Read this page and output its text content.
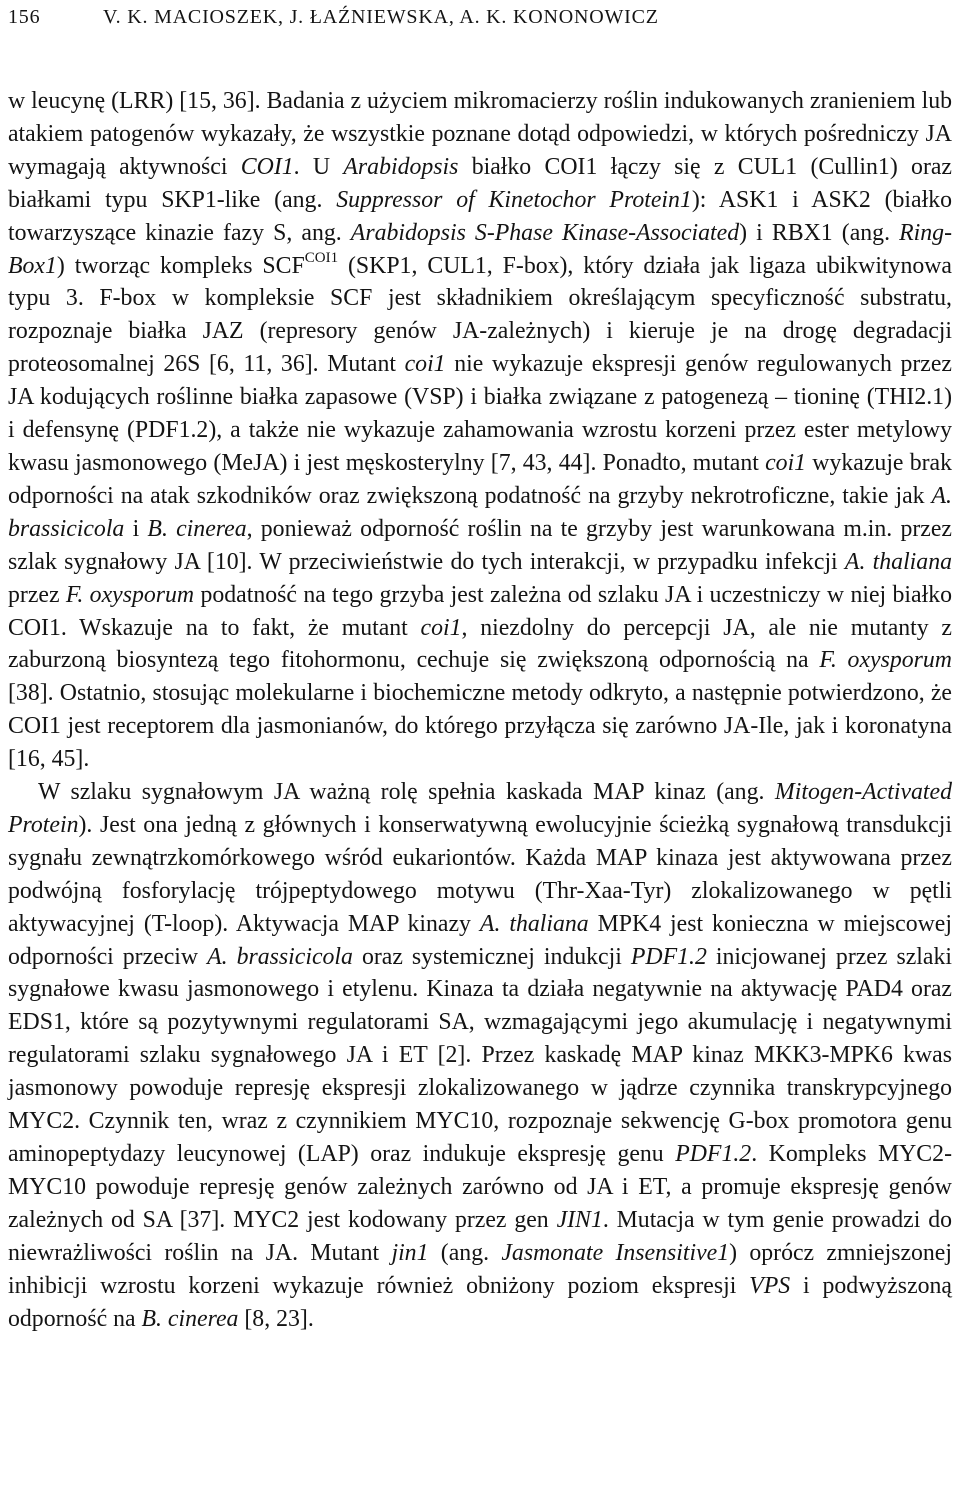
156	V. K. MACIOSZEK, J. ŁAŹNIEWSKA, A. K. KONONOWICZ

w leucynę (LRR) [15, 36]. Badania z użyciem mikromacierzy roślin indukowanych zranieniem lub atakiem patogenów wykazały, że wszystkie poznane dotąd odpowiedzi, w których pośredniczy JA wymagają aktywności COI1. U Arabidopsis białko COI1 łączy się z CUL1 (Cullin1) oraz białkami typu SKP1-like (ang. Suppressor of Kinetochor Protein1): ASK1 i ASK2 (białko towarzyszące kinazie fazy S, ang. Arabidopsis S-Phase Kinase-Associated) i RBX1 (ang. Ring-Box1) tworząc kompleks $SCF^{COI1}$ (SKP1, CUL1, F-box), który działa jak ligaza ubikwitynowa typu 3. F-box w kompleksie SCF jest składnikiem określającym specyficzność substratu, rozpoznaje białka JAZ (represory genów JA-zależnych) i kieruje je na drogę degradacji proteosomalnej 26S [6, 11, 36]. Mutant coi1 nie wykazuje ekspresji genów regulowanych przez JA kodujących roślinne białka zapasowe (VSP) i białka związane z patogenezą – tioninę (THI2.1) i defensynę (PDF1.2), a także nie wykazuje zahamowania wzrostu korzeni przez ester metylowy kwasu jasmonowego (MeJA) i jest męskosterylny [7, 43, 44]. Ponadto, mutant coi1 wykazuje brak odporności na atak szkodników oraz zwiększoną podatność na grzyby nekrotroficzne, takie jak A. brassicicola i B. cinerea, ponieważ odporność roślin na te grzyby jest warunkowana m.in. przez szlak sygnałowy JA [10]. W przeciwieństwie do tych interakcji, w przypadku infekcji A. thaliana przez F. oxysporum podatność na tego grzyba jest zależna od szlaku JA i uczestniczy w niej białko COI1. Wskazuje na to fakt, że mutant coi1, niezdolny do percepcji JA, ale nie mutanty z zaburzoną biosyntezą tego fitohormonu, cechuje się zwiększoną odpornością na F. oxysporum [38]. Ostatnio, stosując molekularne i biochemiczne metody odkryto, a następnie potwierdzono, że COI1 jest receptorem dla jasmonianów, do którego przyłącza się zarówno JA-Ile, jak i koronatyna [16, 45].

W szlaku sygnałowym JA ważną rolę spełnia kaskada MAP kinaz (ang. Mitogen-Activated Protein). Jest ona jedną z głównych i konserwatywną ewolucyjnie ścieżką sygnałową transdukcji sygnału zewnątrzkomórkowego wśród eukariontów. Każda MAP kinaza jest aktywowana przez podwójną fosforylację trójpeptydowego motywu (Thr-Xaa-Tyr) zlokalizowanego w pętli aktywacyjnej (T-loop). Aktywacja MAP kinazy A. thaliana MPK4 jest konieczna w miejscowej odporności przeciw A. brassicicola oraz systemicznej indukcji PDF1.2 inicjowanej przez szlaki sygnałowe kwasu jasmonowego i etylenu. Kinaza ta działa negatywnie na aktywację PAD4 oraz EDS1, które są pozytywnymi regulatorami SA, wzmagającymi jego akumulację i negatywnymi regulatorami szlaku sygnałowego JA i ET [2]. Przez kaskadę MAP kinaz MKK3-MPK6 kwas jasmonowy powoduje represję ekspresji zlokalizowanego w jądrze czynnika transkrypcyjnego MYC2. Czynnik ten, wraz z czynnikiem MYC10, rozpoznaje sekwencję G-box promotora genu aminopeptydazy leucynowej (LAP) oraz indukuje ekspresję genu PDF1.2. Kompleks MYC2-MYC10 powoduje represję genów zależnych zarówno od JA i ET, a promuje ekspresję genów zależnych od SA [37]. MYC2 jest kodowany przez gen JIN1. Mutacja w tym genie prowadzi do niewrażliwości roślin na JA. Mutant jin1 (ang. Jasmonate Insensitive1) oprócz zmniejszonej inhibicji wzrostu korzeni wykazuje również obniżony poziom ekspresji VPS i podwyższoną odporność na B. cinerea [8, 23].
